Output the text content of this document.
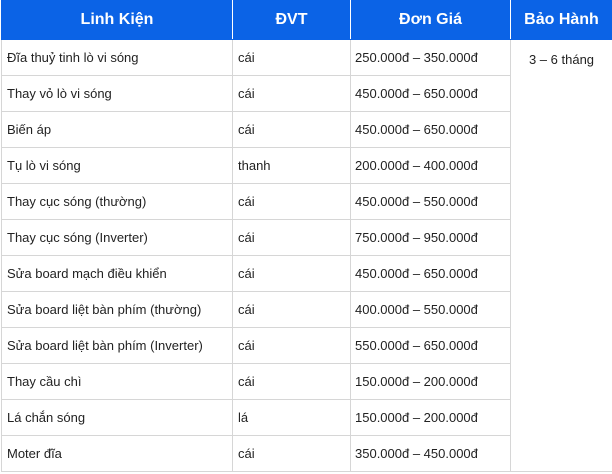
Linh Kiện	ĐVT	Đơn Giá	Bảo Hành
Đĩa thuỷ tinh lò vi sóng	cái	250.000đ – 350.000đ	3 – 6 tháng
Thay vỏ lò vi sóng	cái	450.000đ – 650.000đ	
Biến áp	cái	450.000đ – 650.000đ	
Tụ lò vi sóng	thanh	200.000đ – 400.000đ	
Thay cục sóng (thường)	cái	450.000đ – 550.000đ	
Thay cục sóng (Inverter)	cái	750.000đ – 950.000đ	
Sửa board mạch điều khiển	cái	450.000đ – 650.000đ	
Sửa board liệt bàn phím (thường)	cái	400.000đ – 550.000đ	
Sửa board liệt bàn phím (Inverter)	cái	550.000đ – 650.000đ	
Thay cầu chì	cái	150.000đ – 200.000đ	
Lá chắn sóng	lá	150.000đ – 200.000đ	
Moter đĩa	cái	350.000đ – 450.000đ	
